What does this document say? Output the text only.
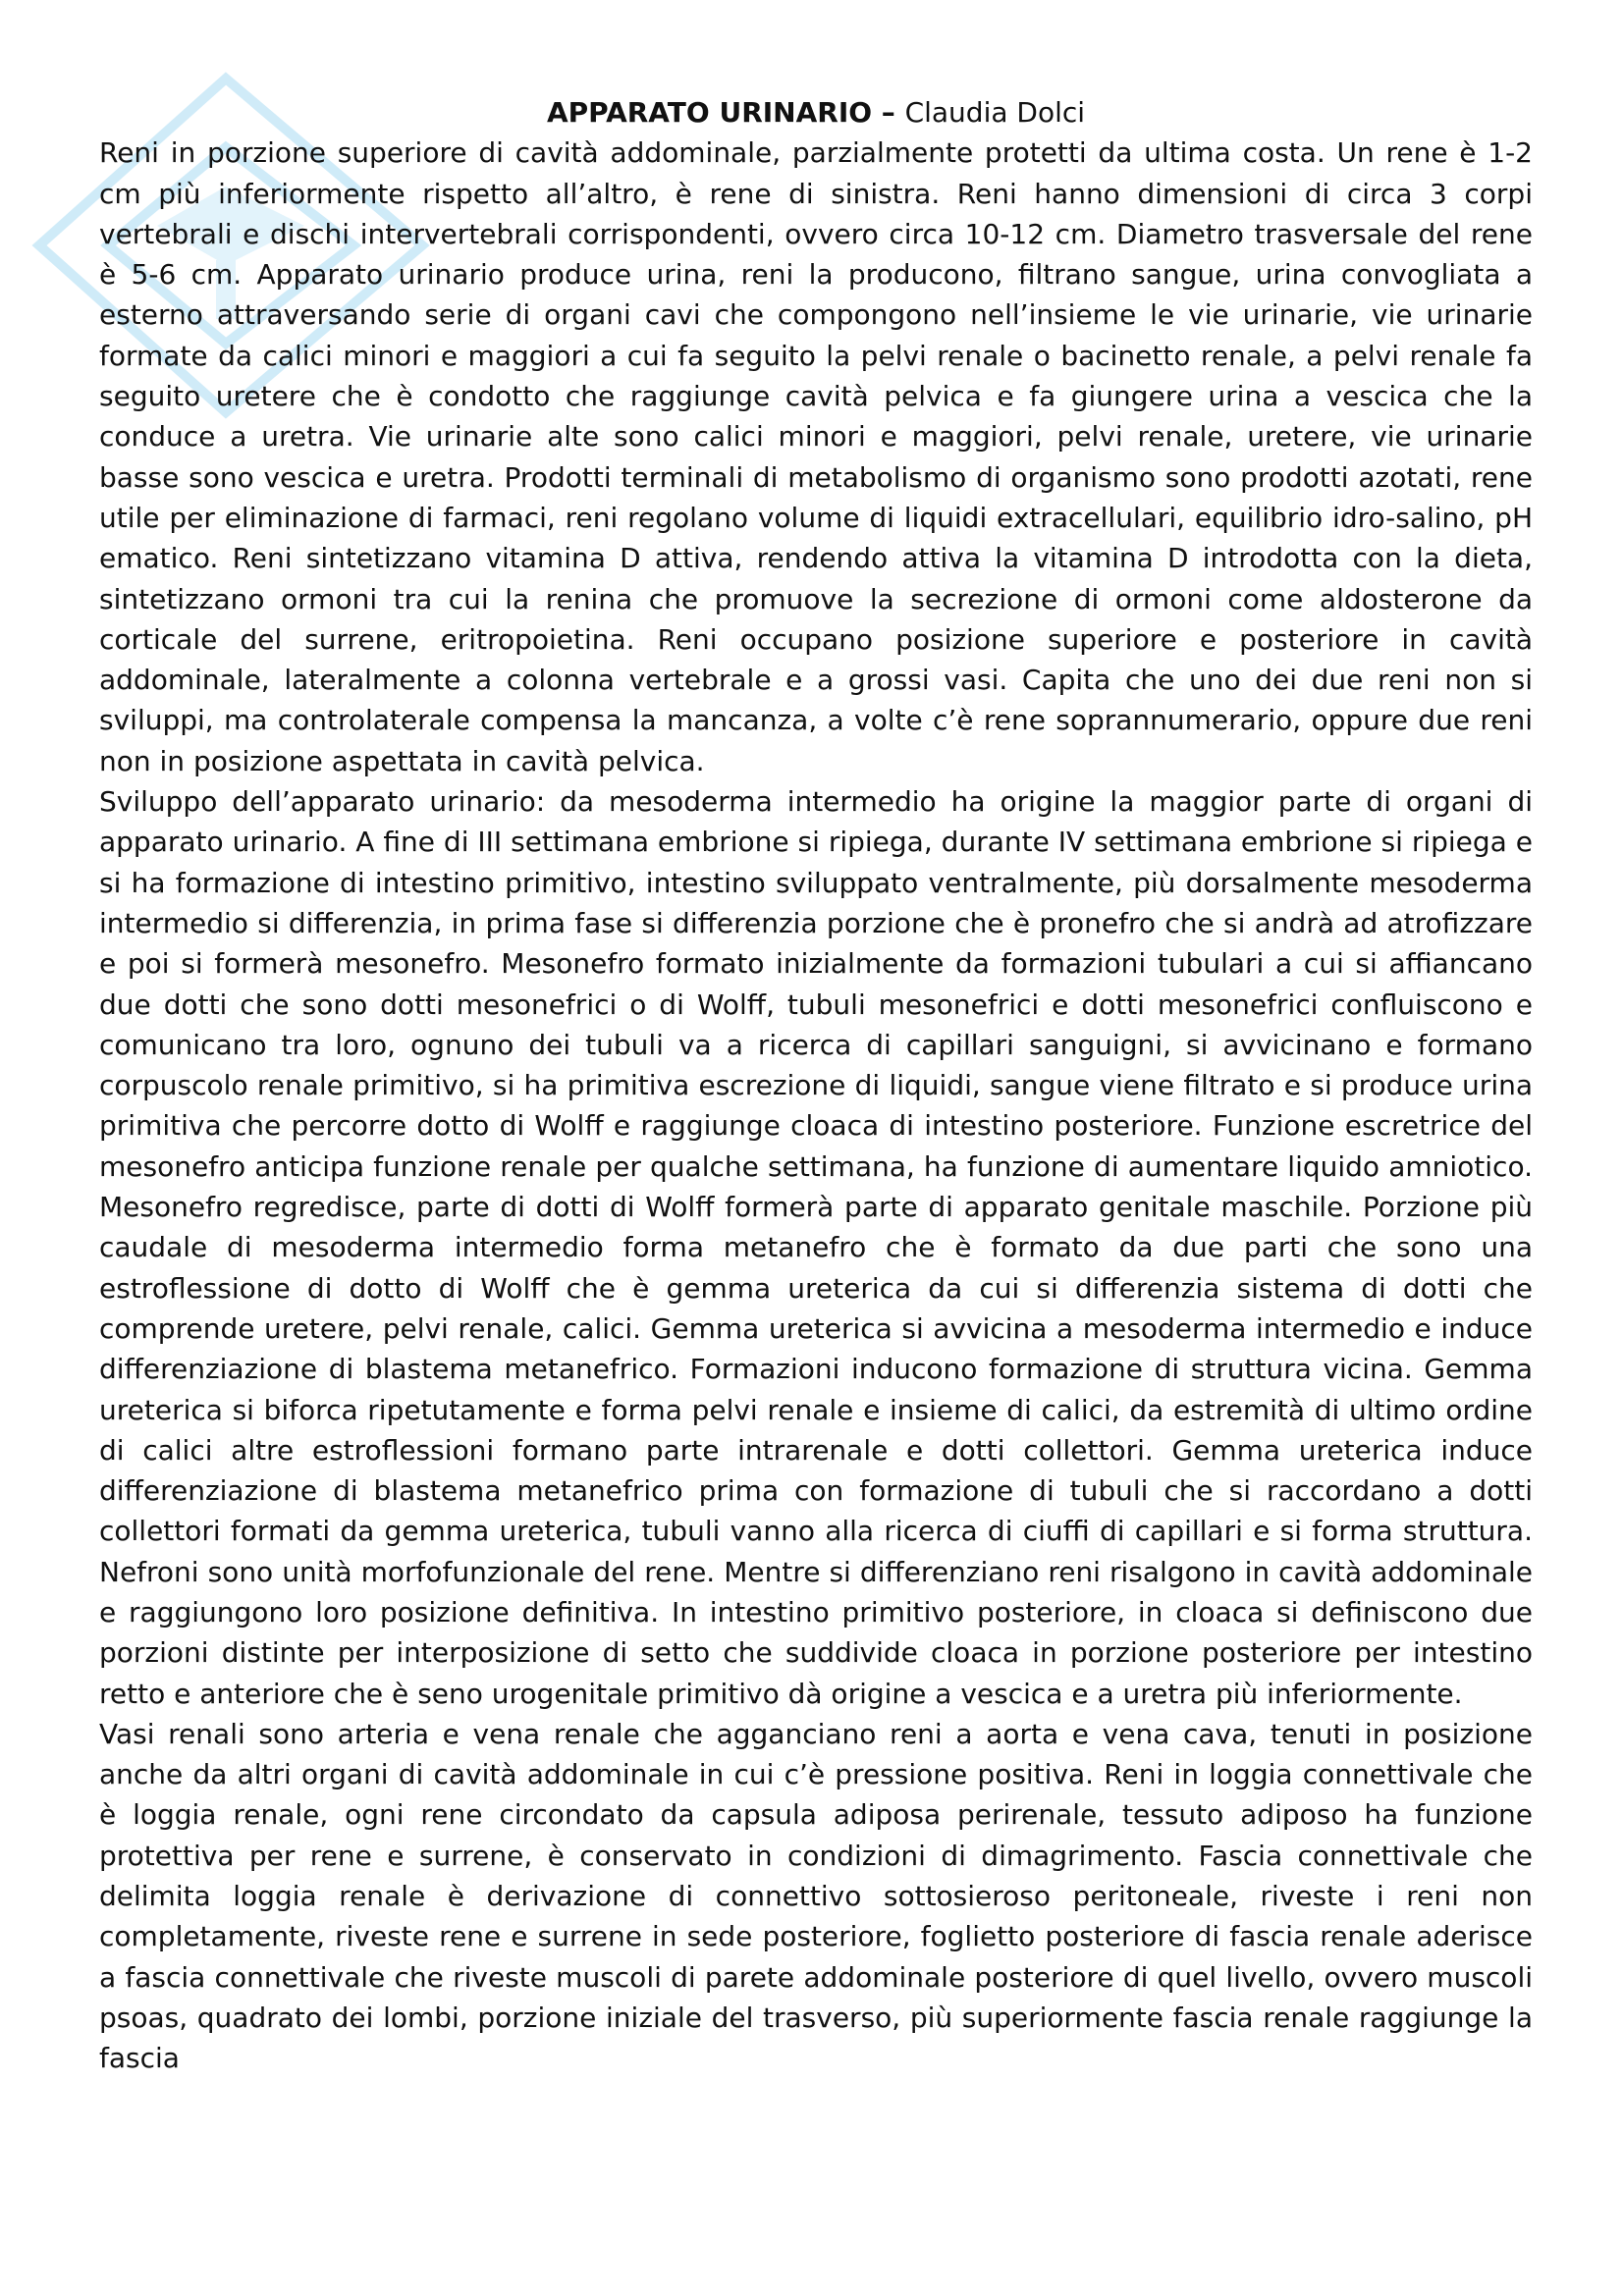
APPARATO URINARIO – Claudia Dolci

Reni in porzione superiore di cavità addominale, parzialmente protetti da ultima costa. Un rene è 1-2 cm più inferiormente rispetto all’altro, è rene di sinistra. Reni hanno dimensioni di circa 3 corpi vertebrali e dischi intervertebrali corrispondenti, ovvero circa 10-12 cm. Diametro trasversale del rene è 5-6 cm. Apparato urinario produce urina, reni la producono, filtrano sangue, urina convogliata a esterno attraversando serie di organi cavi che compongono nell’insieme le vie urinarie, vie urinarie formate da calici minori e maggiori a cui fa seguito la pelvi renale o bacinetto renale, a pelvi renale fa seguito uretere che è condotto che raggiunge cavità pelvica e fa giungere urina a vescica che la conduce a uretra. Vie urinarie alte sono calici minori e maggiori, pelvi renale, uretere, vie urinarie basse sono vescica e uretra. Prodotti terminali di metabolismo di organismo sono prodotti azotati, rene utile per eliminazione di farmaci, reni regolano volume di liquidi extracellulari, equilibrio idro-salino, pH ematico. Reni sintetizzano vitamina D attiva, rendendo attiva la vitamina D introdotta con la dieta, sintetizzano ormoni tra cui la renina che promuove la secrezione di ormoni come aldosterone da corticale del surrene, eritropoietina. Reni occupano posizione superiore e posteriore in cavità addominale, lateralmente a colonna vertebrale e a grossi vasi. Capita che uno dei due reni non si sviluppi, ma controlaterale compensa la mancanza, a volte c’è rene soprannumerario, oppure due reni non in posizione aspettata in cavità pelvica.

Sviluppo dell’apparato urinario: da mesoderma intermedio ha origine la maggior parte di organi di apparato urinario. A fine di III settimana embrione si ripiega, durante IV settimana embrione si ripiega e si ha formazione di intestino primitivo, intestino sviluppato ventralmente, più dorsalmente mesoderma intermedio si differenzia, in prima fase si differenzia porzione che è pronefro che si andrà ad atrofizzare e poi si formerà mesonefro. Mesonefro formato inizialmente da formazioni tubulari a cui si affiancano due dotti che sono dotti mesonefrici o di Wolff, tubuli mesonefrici e dotti mesonefrici confluiscono e comunicano tra loro, ognuno dei tubuli va a ricerca di capillari sanguigni, si avvicinano e formano corpuscolo renale primitivo, si ha primitiva escrezione di liquidi, sangue viene filtrato e si produce urina primitiva che percorre dotto di Wolff e raggiunge cloaca di intestino posteriore. Funzione escretrice del mesonefro anticipa funzione renale per qualche settimana, ha funzione di aumentare liquido amniotico. Mesonefro regredisce, parte di dotti di Wolff formerà parte di apparato genitale maschile. Porzione più caudale di mesoderma intermedio forma metanefro che è formato da due parti che sono una estroflessione di dotto di Wolff che è gemma ureterica da cui si differenzia sistema di dotti che comprende uretere, pelvi renale, calici. Gemma ureterica si avvicina a mesoderma intermedio e induce differenziazione di blastema metanefrico. Formazioni inducono formazione di struttura vicina. Gemma ureterica si biforca ripetutamente e forma pelvi renale e insieme di calici, da estremità di ultimo ordine di calici altre estroflessioni formano parte intrarenale e dotti collettori. Gemma ureterica induce differenziazione di blastema metanefrico prima con formazione di tubuli che si raccordano a dotti collettori formati da gemma ureterica, tubuli vanno alla ricerca di ciuffi di capillari e si forma struttura. Nefroni sono unità morfofunzionale del rene. Mentre si differenziano reni risalgono in cavità addominale e raggiungono loro posizione definitiva. In intestino primitivo posteriore, in cloaca si definiscono due porzioni distinte per interposizione di setto che suddivide cloaca in porzione posteriore per intestino retto e anteriore che è seno urogenitale primitivo dà origine a vescica e a uretra più inferiormente.

Vasi renali sono arteria e vena renale che agganciano reni a aorta e vena cava, tenuti in posizione anche da altri organi di cavità addominale in cui c’è pressione positiva. Reni in loggia connettivale che è loggia renale, ogni rene circondato da capsula adiposa perirenale, tessuto adiposo ha funzione protettiva per rene e surrene, è conservato in condizioni di dimagrimento. Fascia connettivale che delimita loggia renale è derivazione di connettivo sottosieroso peritoneale, riveste i reni non completamente, riveste rene e surrene in sede posteriore, foglietto posteriore di fascia renale aderisce a fascia connettivale che riveste muscoli di parete addominale posteriore di quel livello, ovvero muscoli psoas, quadrato dei lombi, porzione iniziale del trasverso, più superiormente fascia renale raggiunge la fascia
